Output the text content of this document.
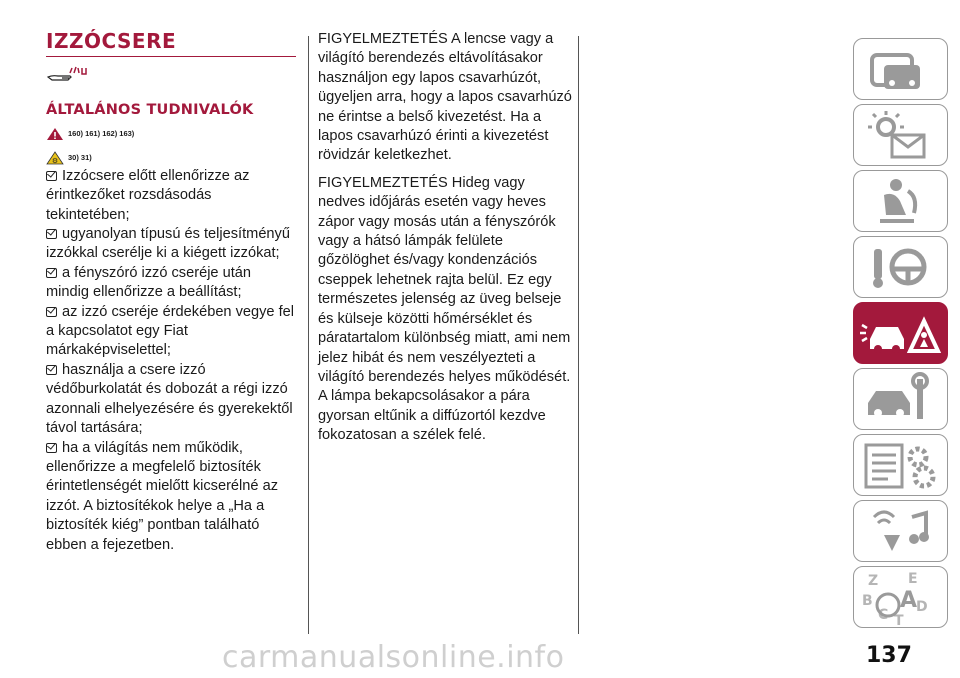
IZZÓCSERE
ÁLTALÁNOS TUDNIVALÓK
160) 161) 162) 163)
⚙ 30) 31)

Izzócsere előtt ellenőrizze az érintkezőket rozsdásodás tekintetében;

ugyanolyan típusú és teljesítményű izzókkal cserélje ki a kiégett izzókat;

a fényszóró izzó cseréje után mindig ellenőrizze a beállítást;

az izzó cseréje érdekében vegye fel a kapcsolatot egy Fiat márkaképviselettel;

használja a csere izzó védőburkolatát és dobozát a régi izzó azonnali elhelyezésére és gyerekektől távol tartására;

ha a világítás nem működik, ellenőrizze a megfelelő biztosíték érintetlenségét mielőtt kicserélné az izzót. A biztosítékok helye a „Ha a biztosíték kiég” pontban található ebben a fejezetben.

FIGYELMEZTETÉS A lencse vagy a világító berendezés eltávolításakor használjon egy lapos csavarhúzót, ügyeljen arra, hogy a lapos csavarhúzó ne érintse a belső kivezetést. Ha a lapos csavarhúzó érinti a kivezetést rövidzár keletkezhet.

FIGYELMEZTETÉS Hideg vagy nedves időjárás esetén vagy heves zápor vagy mosás után a fényszórók vagy a hátsó lámpák felülete gőzölöghet és/vagy kondenzációs cseppek lehetnek rajta belül. Ez egy természetes jelenség az üveg belseje és külseje közötti hőmérséklet és páratartalom különbség miatt, ami nem jelez hibát és nem veszélyezteti a világító berendezés helyes működését. A lámpa bekapcsolásakor a pára gyorsan eltűnik a diffúzortól kezdve fokozatosan a szélek felé.

Z E
B A
D
C T
137
carmanualsonline.info
